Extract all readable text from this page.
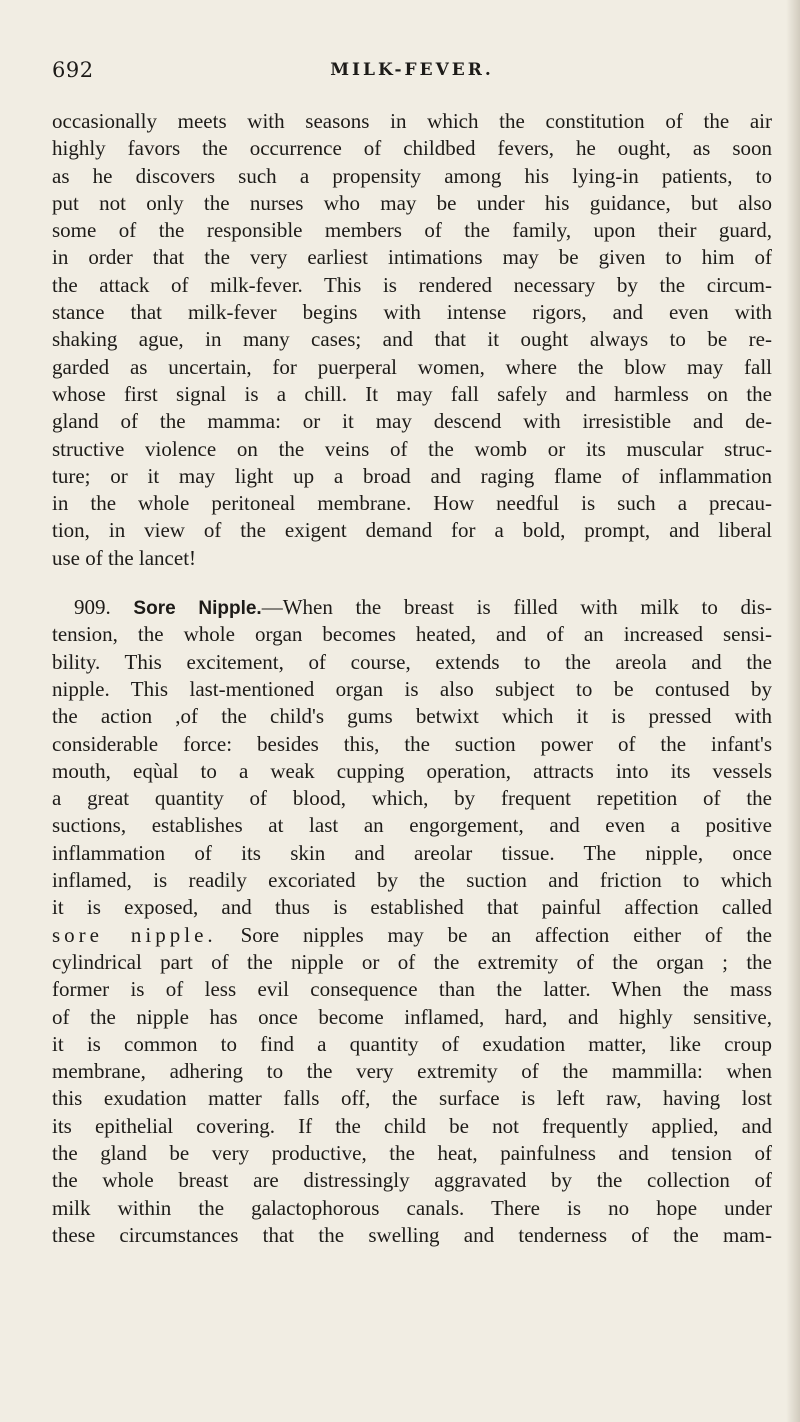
692	MILK-FEVER.
occasionally meets with seasons in which the constitution of the air
highly favors the occurrence of childbed fevers, he ought, as soon
as he discovers such a propensity among his lying-in patients, to
put not only the nurses who may be under his guidance, but also
some of the responsible members of the family, upon their guard,
in order that the very earliest intimations may be given to him of
the attack of milk-fever. This is rendered necessary by the circum-
stance that milk-fever begins with intense rigors, and even with
shaking ague, in many cases; and that it ought always to be re-
garded as uncertain, for puerperal women, where the blow may fall
whose first signal is a chill. It may fall safely and harmless on the
gland of the mamma: or it may descend with irresistible and de-
structive violence on the veins of the womb or its muscular struc-
ture; or it may light up a broad and raging flame of inflammation
in the whole peritoneal membrane. How needful is such a precau-
tion, in view of the exigent demand for a bold, prompt, and liberal
use of the lancet!
909. Sore Nipple.—When the breast is filled with milk to dis-
tension, the whole organ becomes heated, and of an increased sensi-
bility. This excitement, of course, extends to the areola and the
nipple. This last-mentioned organ is also subject to be contused by
the action ,of the child's gums betwixt which it is pressed with
considerable force: besides this, the suction power of the infant's
mouth, eqùal to a weak cupping operation, attracts into its vessels
a great quantity of blood, which, by frequent repetition of the
suctions, establishes at last an engorgement, and even a positive
inflammation of its skin and areolar tissue. The nipple, once
inflamed, is readily excoriated by the suction and friction to which
it is exposed, and thus is established that painful affection called
sore nipple. Sore nipples may be an affection either of the
cylindrical part of the nipple or of the extremity of the organ ; the
former is of less evil consequence than the latter. When the mass
of the nipple has once become inflamed, hard, and highly sensitive,
it is common to find a quantity of exudation matter, like croup
membrane, adhering to the very extremity of the mammilla: when
this exudation matter falls off, the surface is left raw, having lost
its epithelial covering. If the child be not frequently applied, and
the gland be very productive, the heat, painfulness and tension of
the whole breast are distressingly aggravated by the collection of
milk within the galactophorous canals. There is no hope under
these circumstances that the swelling and tenderness of the mam-
